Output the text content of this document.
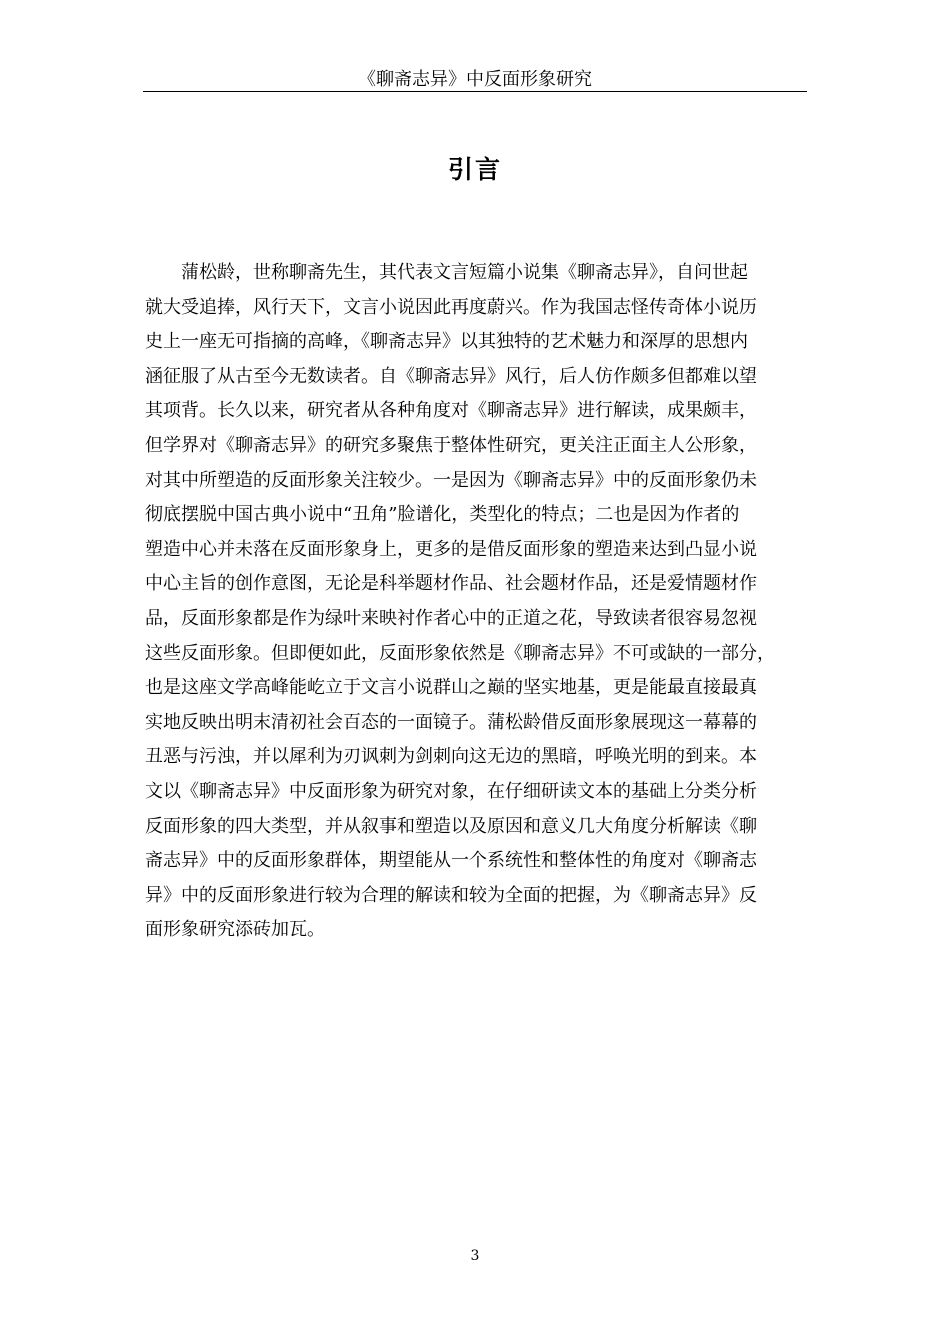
《聊斋志异》中反面形象研究
引言

蒲松龄，世称聊斋先生，其代表文言短篇小说集《聊斋志异》，自问世起
就大受追捧，风行天下，文言小说因此再度蔚兴。作为我国志怪传奇体小说历
史上一座无可指摘的高峰，《聊斋志异》以其独特的艺术魅力和深厚的思想内
涵征服了从古至今无数读者。自《聊斋志异》风行，后人仿作颇多但都难以望
其项背。长久以来，研究者从各种角度对《聊斋志异》进行解读，成果颇丰，
但学界对《聊斋志异》的研究多聚焦于整体性研究，更关注正面主人公形象，
对其中所塑造的反面形象关注较少。一是因为《聊斋志异》中的反面形象仍未
彻底摆脱中国古典小说中“丑角”脸谱化，类型化的特点；二也是因为作者的
塑造中心并未落在反面形象身上，更多的是借反面形象的塑造来达到凸显小说
中心主旨的创作意图，无论是科举题材作品、社会题材作品，还是爱情题材作
品，反面形象都是作为绿叶来映衬作者心中的正道之花，导致读者很容易忽视
这些反面形象。但即便如此，反面形象依然是《聊斋志异》不可或缺的一部分，
也是这座文学高峰能屹立于文言小说群山之巅的坚实地基，更是能最直接最真
实地反映出明末清初社会百态的一面镜子。蒲松龄借反面形象展现这一幕幕的
丑恶与污浊，并以犀利为刃讽刺为剑刺向这无边的黑暗，呼唤光明的到来。本
文以《聊斋志异》中反面形象为研究对象，在仔细研读文本的基础上分类分析
反面形象的四大类型，并从叙事和塑造以及原因和意义几大角度分析解读《聊
斋志异》中的反面形象群体，期望能从一个系统性和整体性的角度对《聊斋志
异》中的反面形象进行较为合理的解读和较为全面的把握，为《聊斋志异》反
面形象研究添砖加瓦。

3
